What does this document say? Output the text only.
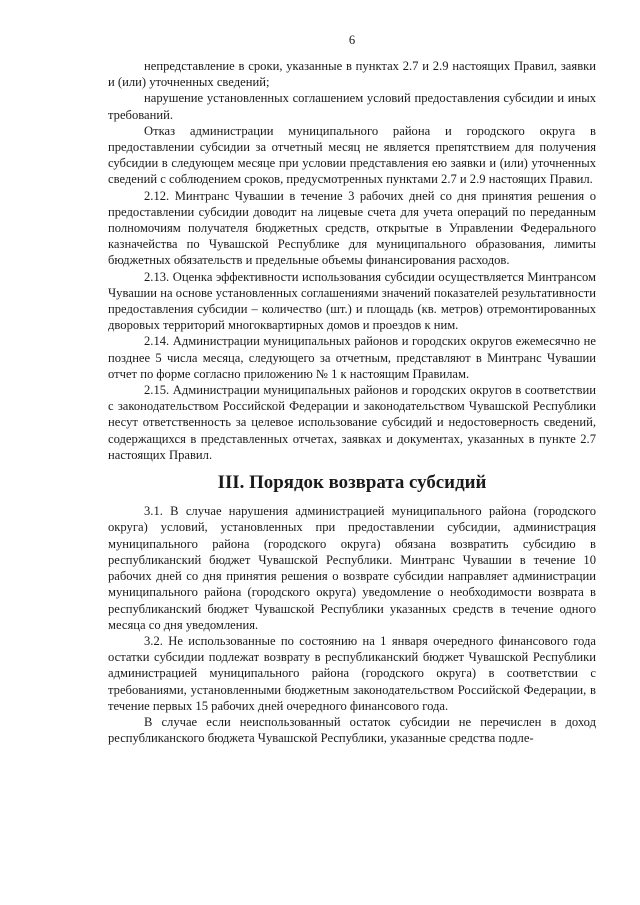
6

непредставление в сроки, указанные в пунктах 2.7 и 2.9 настоящих Правил, заявки и (или) уточненных сведений;

нарушение установленных соглашением условий предоставления субсидии и иных требований.

Отказ администрации муниципального района и городского округа в предоставлении субсидии за отчетный месяц не является препятствием для получения субсидии в следующем месяце при условии представления ею заявки и (или) уточненных сведений с соблюдением сроков, предусмотренных пунктами 2.7 и 2.9 настоящих Правил.

2.12. Минтранс Чувашии в течение 3 рабочих дней со дня принятия решения о предоставлении субсидии доводит на лицевые счета для учета операций по переданным полномочиям получателя бюджетных средств, открытые в Управлении Федерального казначейства по Чувашской Республике для муниципального образования, лимиты бюджетных обязательств и предельные объемы финансирования расходов.

2.13. Оценка эффективности использования субсидии осуществляется Минтрансом Чувашии на основе установленных соглашениями значений показателей результативности предоставления субсидии – количество (шт.) и площадь (кв. метров) отремонтированных дворовых территорий многоквартирных домов и проездов к ним.

2.14. Администрации муниципальных районов и городских округов ежемесячно не позднее 5 числа месяца, следующего за отчетным, представляют в Минтранс Чувашии отчет по форме согласно приложению № 1 к настоящим Правилам.

2.15. Администрации муниципальных районов и городских округов в соответствии с законодательством Российской Федерации и законодательством Чувашской Республики несут ответственность за целевое использование субсидий и недостоверность сведений, содержащихся в представленных отчетах, заявках и документах, указанных в пункте 2.7 настоящих Правил.

III. Порядок возврата субсидий

3.1. В случае нарушения администрацией муниципального района (городского округа) условий, установленных при предоставлении субсидии, администрация муниципального района (городского округа) обязана возвратить субсидию в республиканский бюджет Чувашской Республики. Минтранс Чувашии в течение 10 рабочих дней со дня принятия решения о возврате субсидии направляет администрации муниципального района (городского округа) уведомление о необходимости возврата в республиканский бюджет Чувашской Республики указанных средств в течение одного месяца со дня уведомления.

3.2. Не использованные по состоянию на 1 января очередного финансового года остатки субсидии подлежат возврату в республиканский бюджет Чувашской Республики администрацией муниципального района (городского округа) в соответствии с требованиями, установленными бюджетным законодательством Российской Федерации, в течение первых 15 рабочих дней очередного финансового года.

В случае если неиспользованный остаток субсидии не перечислен в доход республиканского бюджета Чувашской Республики, указанные средства подле-
